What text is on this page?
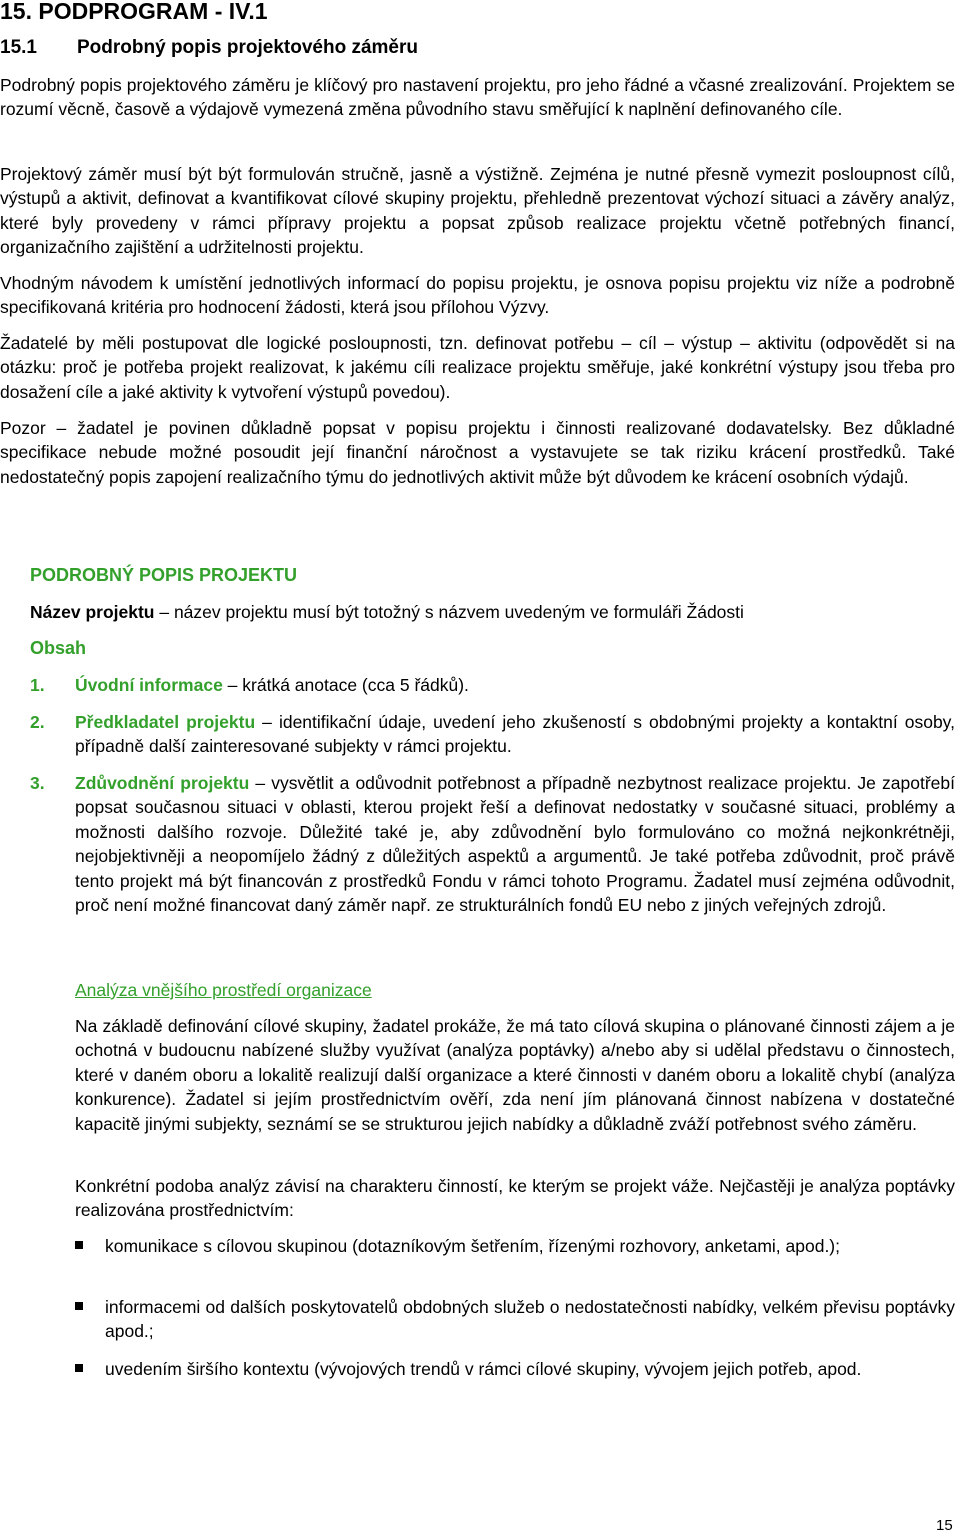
15. PODPROGRAM - IV.1
15.1 Podrobný popis projektového záměru

Podrobný popis projektového záměru je klíčový pro nastavení projektu, pro jeho řádné a včasné zrealizování. Projektem se rozumí věcně, časově a výdajově vymezená změna původního stavu směřující k naplnění definovaného cíle.

Projektový záměr musí být být formulován stručně, jasně a výstižně. Zejména je nutné přesně vymezit posloupnost cílů, výstupů a aktivit, definovat a kvantifikovat cílové skupiny projektu, přehledně prezentovat výchozí situaci a závěry analýz, které byly provedeny v rámci přípravy projektu a popsat způsob realizace projektu včetně potřebných financí, organizačního zajištění a udržitelnosti projektu.

Vhodným návodem k umístění jednotlivých informací do popisu projektu, je osnova popisu projektu viz níže a podrobně specifikovaná kritéria pro hodnocení žádosti, která jsou přílohou Výzvy.

Žadatelé by měli postupovat dle logické posloupnosti, tzn. definovat potřebu – cíl – výstup – aktivitu (odpovědět si na otázku: proč je potřeba projekt realizovat, k jakému cíli realizace projektu směřuje, jaké konkrétní výstupy jsou třeba pro dosažení cíle a jaké aktivity k vytvoření výstupů povedou).

Pozor – žadatel je povinen důkladně popsat v popisu projektu i činnosti realizované dodavatelsky. Bez důkladné specifikace nebude možné posoudit její finanční náročnost a vystavujete se tak riziku krácení prostředků. Také nedostatečný popis zapojení realizačního týmu do jednotlivých aktivit může být důvodem ke krácení osobních výdajů.

PODROBNÝ POPIS PROJEKTU

Název projektu – název projektu musí být totožný s názvem uvedeným ve formuláři Žádosti

Obsah

1. Úvodní informace – krátká anotace (cca 5 řádků).

2. Předkladatel projektu – identifikační údaje, uvedení jeho zkušeností s obdobnými projekty a kontaktní osoby, případně další zainteresované subjekty v rámci projektu.

3. Zdůvodnění projektu – vysvětlit a odůvodnit potřebnost a případně nezbytnost realizace projektu. Je zapotřebí popsat současnou situaci v oblasti, kterou projekt řeší a definovat nedostatky v současné situaci, problémy a možnosti dalšího rozvoje. Důležité také je, aby zdůvodnění bylo formulováno co možná nejkonkrétněji, nejobjektivněji a neopomíjelo žádný z důležitých aspektů a argumentů. Je také potřeba zdůvodnit, proč právě tento projekt má být financován z prostředků Fondu v rámci tohoto Programu. Žadatel musí zejména odůvodnit, proč není možné financovat daný záměr např. ze strukturálních fondů EU nebo z jiných veřejných zdrojů.

Analýza vnějšího prostředí organizace

Na základě definování cílové skupiny, žadatel prokáže, že má tato cílová skupina o plánované činnosti zájem a je ochotná v budoucnu nabízené služby využívat (analýza poptávky) a/nebo aby si udělal představu o činnostech, které v daném oboru a lokalitě realizují další organizace a které činnosti v daném oboru a lokalitě chybí (analýza konkurence). Žadatel si jejím prostřednictvím ověří, zda není jím plánovaná činnost nabízena v dostatečné kapacitě jinými subjekty, seznámí se se strukturou jejich nabídky a důkladně zváží potřebnost svého záměru.

Konkrétní podoba analýz závisí na charakteru činností, ke kterým se projekt váže. Nejčastěji je analýza poptávky realizována prostřednictvím:

komunikace s cílovou skupinou (dotazníkovým šetřením, řízenými rozhovory, anketami, apod.);

informacemi od dalších poskytovatelů obdobných služeb o nedostatečnosti nabídky, velkém převisu poptávky apod.;

uvedením širšího kontextu (vývojových trendů v rámci cílové skupiny, vývojem jejich potřeb, apod.

15
